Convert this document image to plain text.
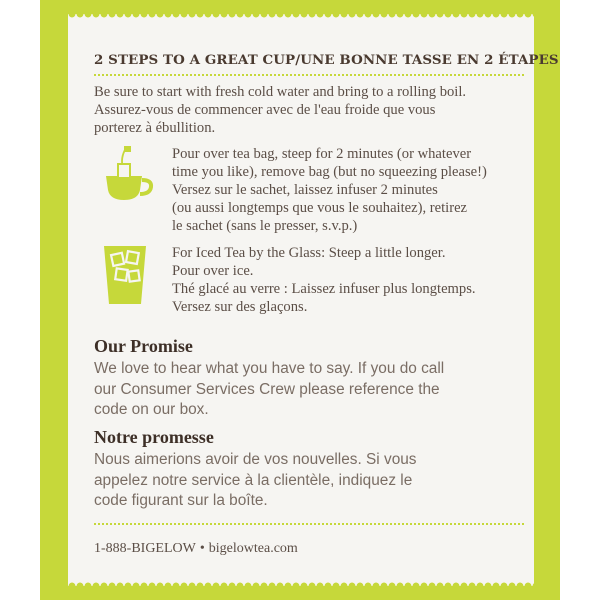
2 STEPS TO A GREAT CUP/UNE BONNE TASSE EN 2 ÉTAPES
Be sure to start with fresh cold water and bring to a rolling boil.
Assurez-vous de commencer avec de l'eau froide que vous
porterez à ébullition.
Pour over tea bag, steep for 2 minutes (or whatever
time you like), remove bag (but no squeezing please!)
Versez sur le sachet, laissez infuser 2 minutes
(ou aussi longtemps que vous le souhaitez), retirez
le sachet (sans le presser, s.v.p.)
For Iced Tea by the Glass: Steep a little longer.
Pour over ice.
Thé glacé au verre : Laissez infuser plus longtemps.
Versez sur des glaçons.
Our Promise
We love to hear what you have to say. If you do call
our Consumer Services Crew please reference the
code on our box.
Notre promesse
Nous aimerions avoir de vos nouvelles. Si vous
appelez notre service à la clientèle, indiquez le
code figurant sur la boîte.
1-888-BIGELOW • bigelowtea.com
